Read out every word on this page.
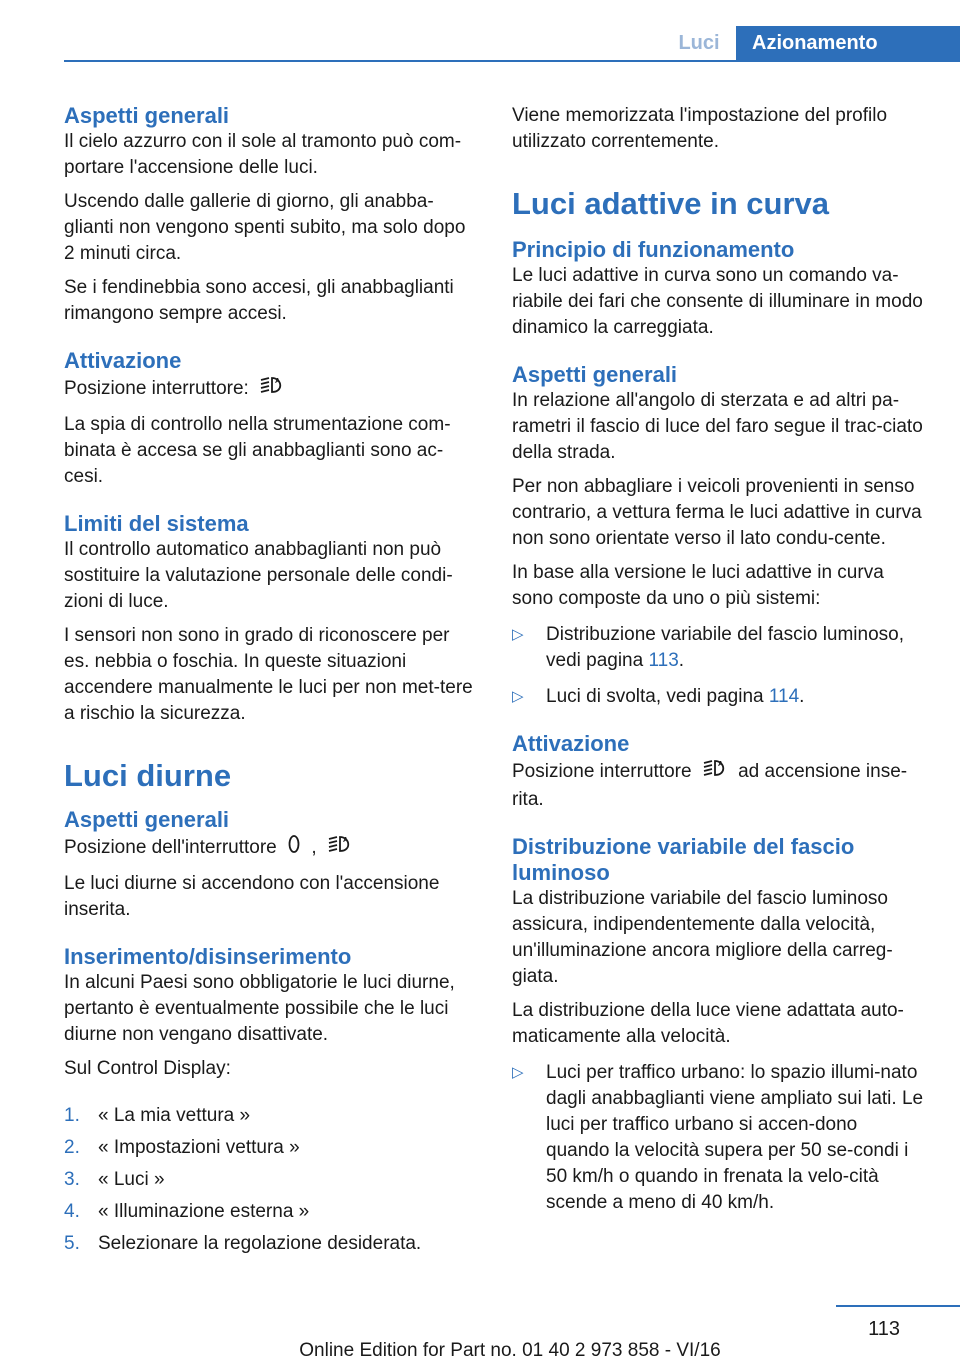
Luci	Azionamento
Aspetti generali
Il cielo azzurro con il sole al tramonto può com-portare l'accensione delle luci.
Uscendo dalle gallerie di giorno, gli anabba-glianti non vengono spenti subito, ma solo dopo 2 minuti circa.
Se i fendinebbia sono accesi, gli anabbaglianti rimangono sempre accesi.
Attivazione
Posizione interruttore:	A
La spia di controllo nella strumentazione com-binata è accesa se gli anabbaglianti sono ac-cesi.
Limiti del sistema
Il controllo automatico anabbaglianti non può sostituire la valutazione personale delle condi-zioni di luce.
I sensori non sono in grado di riconoscere per es. nebbia o foschia. In queste situazioni accendere manualmente le luci per non met-tere a rischio la sicurezza.
Luci diurne
Aspetti generali
Posizione dell'interruttore ,	A
Le luci diurne si accendono con l'accensione inserita.
Inserimento/disinserimento
In alcuni Paesi sono obbligatorie le luci diurne, pertanto è eventualmente possibile che le luci diurne non vengano disattivate.
Sul Control Display:
1. « La mia vettura »
2. « Impostazioni vettura »
3. « Luci »
4. « Illuminazione esterna »
5. Selezionare la regolazione desiderata.
Viene memorizzata l'impostazione del profilo utilizzato correntemente.
Luci adattive in curva
Principio di funzionamento
Le luci adattive in curva sono un comando va-riabile dei fari che consente di illuminare in modo dinamico la carreggiata.
Aspetti generali
In relazione all'angolo di sterzata e ad altri pa-rametri il fascio di luce del faro segue il trac-ciato della strada.
Per non abbagliare i veicoli provenienti in senso contrario, a vettura ferma le luci adattive in curva non sono orientate verso il lato condu-cente.
In base alla versione le luci adattive in curva sono composte da uno o più sistemi:
▷ Distribuzione variabile del fascio luminoso, vedi pagina 113.
▷ Luci di svolta, vedi pagina 114.
Attivazione
Posizione interruttore	A ad accensione inse-rita.
Distribuzione variabile del fascio luminoso
La distribuzione variabile del fascio luminoso assicura, indipendentemente dalla velocità, un'illuminazione ancora migliore della carreg-giata.
La distribuzione della luce viene adattata auto-maticamente alla velocità.
▷ Luci per traffico urbano: lo spazio illumi-nato dagli anabbaglianti viene ampliato sui lati. Le luci per traffico urbano si accen-dono quando la velocità supera per 50 se-condi i 50 km/h o quando in frenata la velo-cità scende a meno di 40 km/h.
113
Online Edition for Part no. 01 40 2 973 858 - VI/16
